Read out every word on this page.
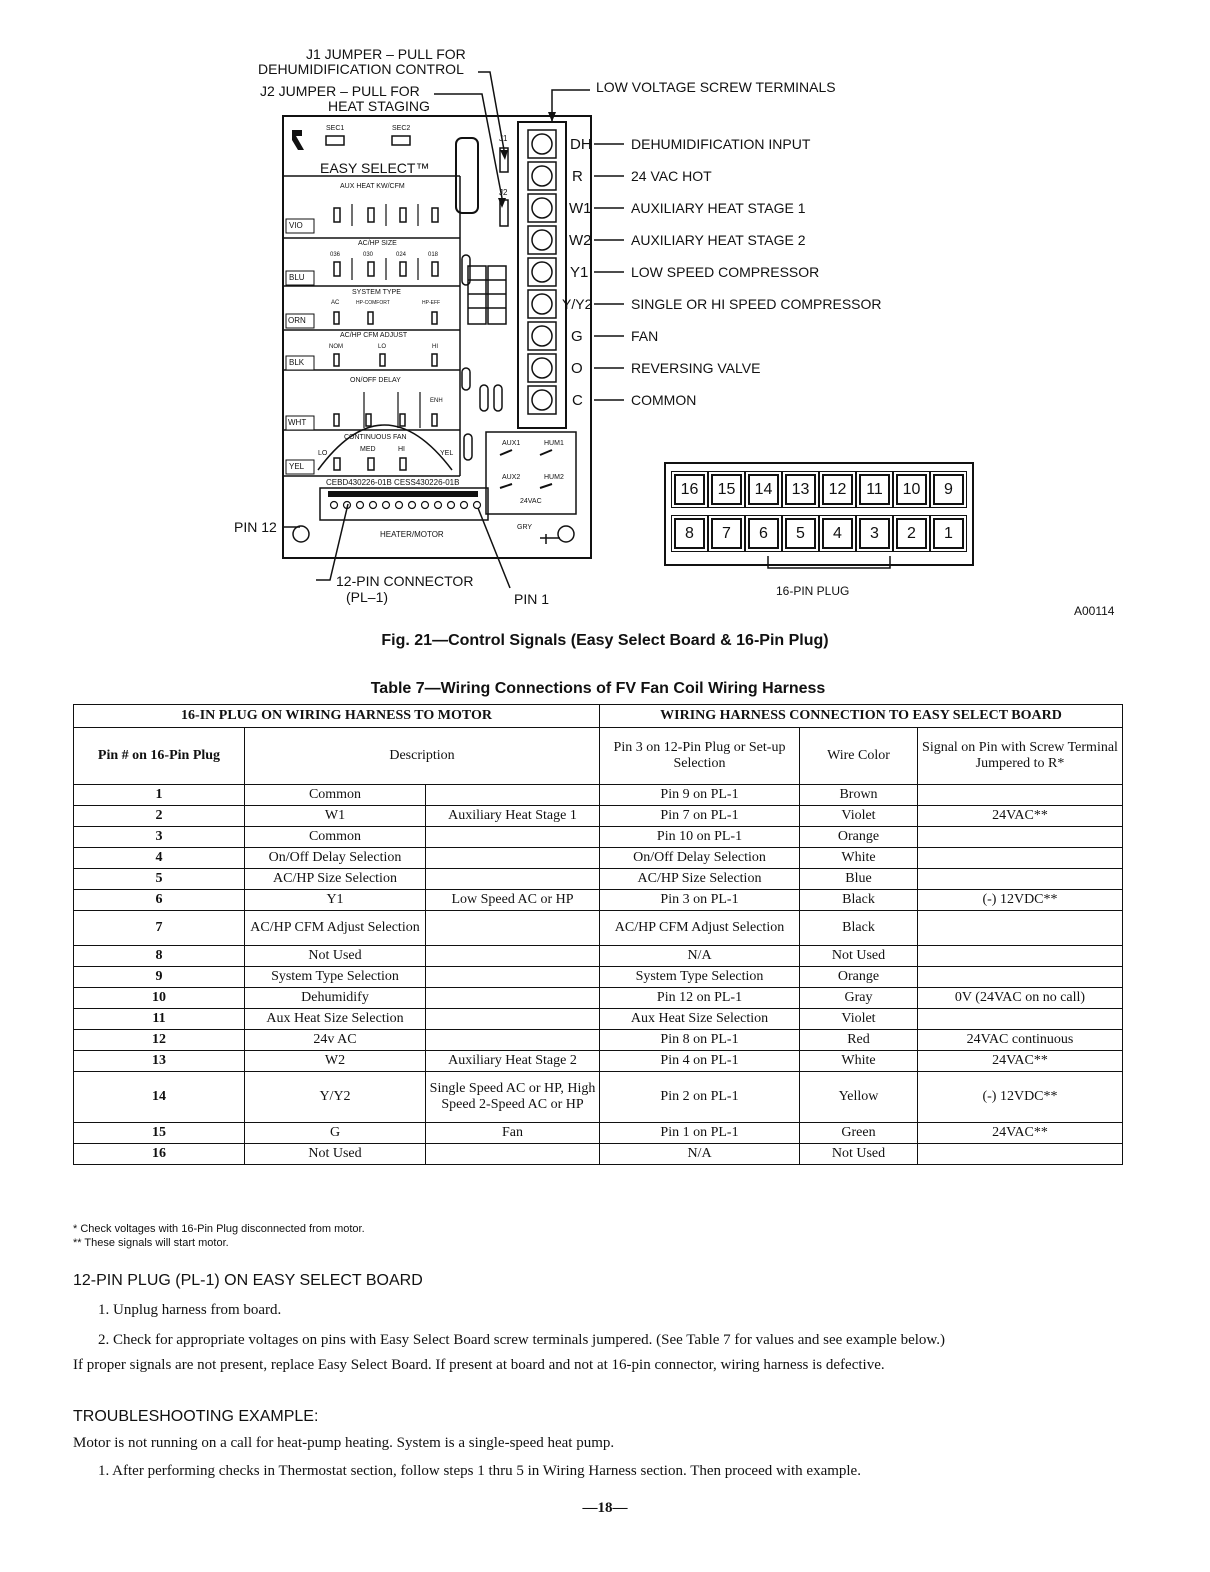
J1 JUMPER – PULL FOR
DEHUMIDIFICATION CONTROL
J2 JUMPER – PULL FOR
HEAT STAGING
LOW VOLTAGE SCREW TERMINALS
PIN 12
12-PIN CONNECTOR
(PL–1)	PIN 1
DH
R
W1
W2
Y1
Y/Y2
G
O
C
DEHUMIDIFICATION INPUT
24 VAC HOT
AUXILIARY HEAT STAGE 1
AUXILIARY HEAT STAGE 2
LOW SPEED COMPRESSOR
SINGLE OR HI SPEED COMPRESSOR
FAN
REVERSING VALVE
COMMON
EASY SELECT™
SEC1	SEC2
J1
J2
AUX HEAT KW/CFM
AC/HP SIZE
036	030	024	018
SYSTEM TYPE
AC	HP-COMFORT	HP-EFF
AC/HP CFM ADJUST
NOM	LO	HI
ON/OFF DELAY
ENH
CONTINUOUS FAN
LO
MED	HI
YEL
VIO
BLU
ORN
BLK
WHT
YEL
AUX1	HUM1
AUX2	HUM2
24VAC
CEBD430226-01B CESS430226-01B
HEATER/MOTOR
GRY
16	15	14	13	12	11	10	9
8	7	6	5	4	3	2	1
16-PIN PLUG
A00114
Fig. 21—Control Signals (Easy Select Board & 16-Pin Plug)
Table 7—Wiring Connections of FV Fan Coil Wiring Harness
16-IN PLUG ON WIRING HARNESS TO MOTOR			WIRING HARNESS CONNECTION TO EASY SELECT BOARD		
Pin # on 16-Pin Plug	Description		Pin 3 on 12-Pin Plug or Set-up Selection	Wire Color	Signal on Pin with Screw Terminal Jumpered to R*
1	Common		Pin 9 on PL-1	Brown	
2	W1	Auxiliary Heat Stage 1	Pin 7 on PL-1	Violet	24VAC**
3	Common		Pin 10 on PL-1	Orange	
4	On/Off Delay Selection		On/Off Delay Selection	White	
5	AC/HP Size Selection		AC/HP Size Selection	Blue	
6	Y1	Low Speed AC or HP	Pin 3 on PL-1	Black	(-) 12VDC**
7	AC/HP CFM Adjust Selection		AC/HP CFM Adjust Selection	Black	
8	Not Used		N/A	Not Used	
9	System Type Selection		System Type Selection	Orange	
10	Dehumidify		Pin 12 on PL-1	Gray	0V (24VAC on no call)
11	Aux Heat Size Selection		Aux Heat Size Selection	Violet	
12	24v AC		Pin 8 on PL-1	Red	24VAC continuous
13	W2	Auxiliary Heat Stage 2	Pin 4 on PL-1	White	24VAC**
14	Y/Y2	Single Speed AC or HP, High Speed 2-Speed AC or HP	Pin 2 on PL-1	Yellow	(-) 12VDC**
15	G	Fan	Pin 1 on PL-1	Green	24VAC**
16	Not Used		N/A	Not Used	
* Check voltages with 16-Pin Plug disconnected from motor.
** These signals will start motor.
12-PIN PLUG (PL-1) ON EASY SELECT BOARD
1. Unplug harness from board.
2. Check for appropriate voltages on pins with Easy Select Board screw terminals jumpered. (See Table 7 for values and see example below.)
If proper signals are not present, replace Easy Select Board. If present at board and not at 16-pin connector, wiring harness is defective.
TROUBLESHOOTING EXAMPLE:
Motor is not running on a call for heat-pump heating. System is a single-speed heat pump.
1. After performing checks in Thermostat section, follow steps 1 thru 5 in Wiring Harness section. Then proceed with example.
—18—
